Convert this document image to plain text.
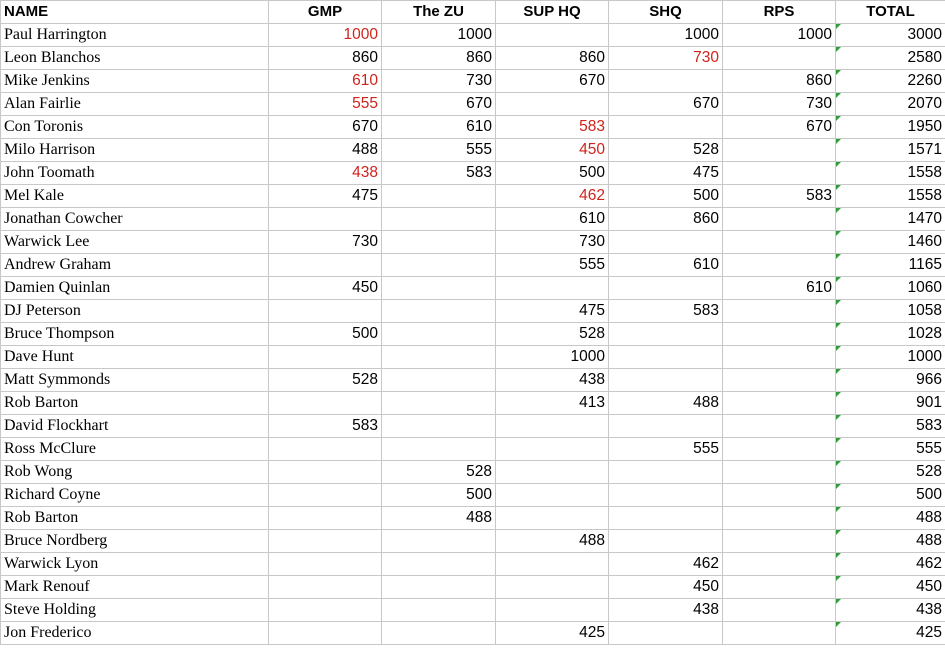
NAME	GMP	The ZU	SUP HQ	SHQ	RPS	TOTAL
Paul Harrington	1000	1000		1000	1000	3000
Leon Blanchos	860	860	860	730		2580
Mike Jenkins	610	730	670		860	2260
Alan Fairlie	555	670		670	730	2070
Con Toronis	670	610	583		670	1950
Milo Harrison	488	555	450	528		1571
John Toomath	438	583	500	475		1558
Mel Kale	475		462	500	583	1558
Jonathan Cowcher			610	860		1470
Warwick Lee	730		730			1460
Andrew Graham			555	610		1165
Damien Quinlan	450				610	1060
DJ Peterson			475	583		1058
Bruce Thompson	500		528			1028
Dave Hunt			1000			1000
Matt Symmonds	528		438			966
Rob Barton			413	488		901
David Flockhart	583					583
Ross McClure				555		555
Rob Wong		528				528
Richard Coyne		500				500
Rob Barton		488				488
Bruce Nordberg			488			488
Warwick Lyon				462		462
Mark Renouf				450		450
Steve Holding				438		438
Jon Frederico			425			425
